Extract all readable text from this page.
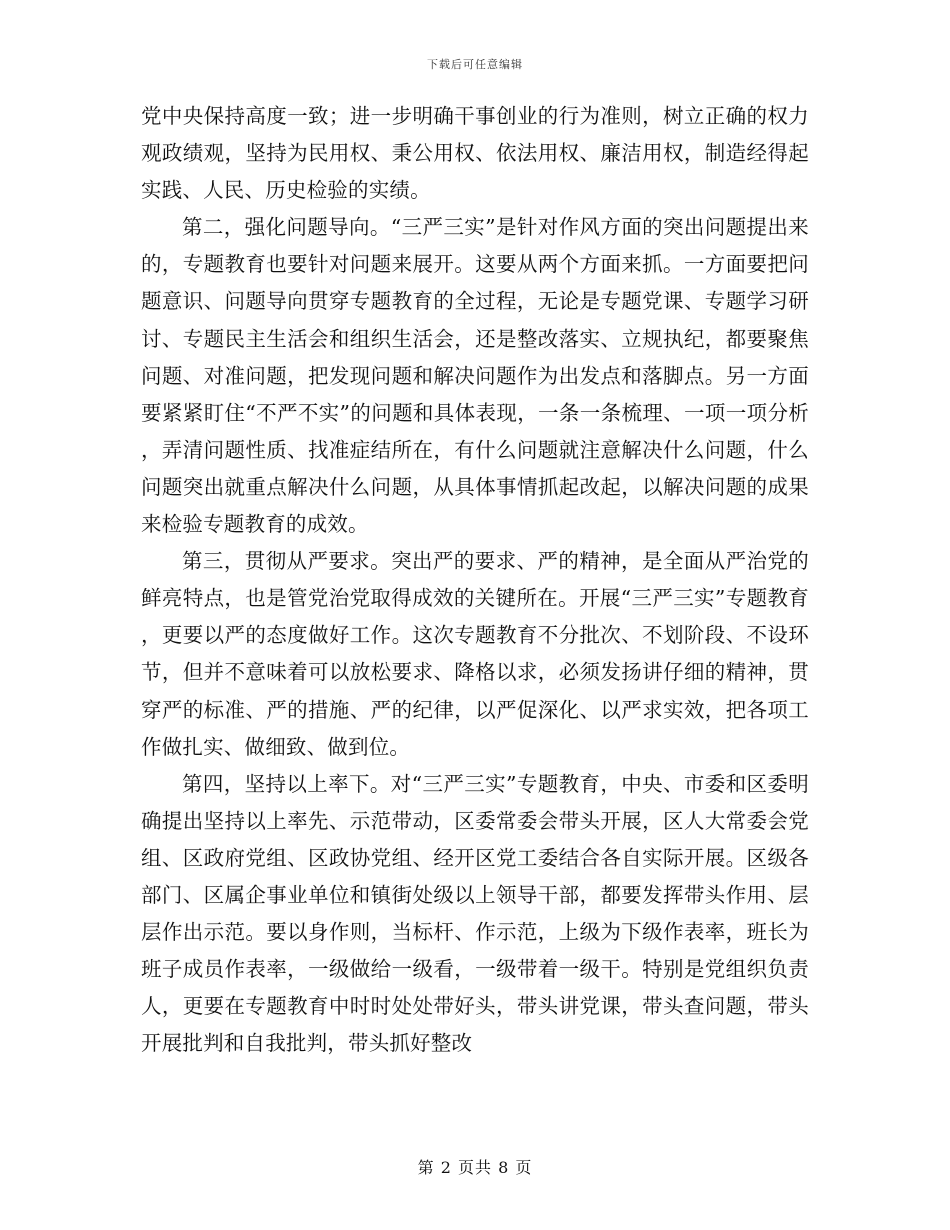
下载后可任意编辑

党中央保持高度一致；进一步明确干事创业的行为准则，树立正确的权力观政绩观，坚持为民用权、秉公用权、依法用权、廉洁用权，制造经得起实践、人民、历史检验的实绩。

第二，强化问题导向。“三严三实”是针对作风方面的突出问题提出来的，专题教育也要针对问题来展开。这要从两个方面来抓。一方面要把问题意识、问题导向贯穿专题教育的全过程，无论是专题党课、专题学习研讨、专题民主生活会和组织生活会，还是整改落实、立规执纪，都要聚焦问题、对准问题，把发现问题和解决问题作为出发点和落脚点。另一方面要紧紧盯住“不严不实”的问题和具体表现，一条一条梳理、一项一项分析，弄清问题性质、找准症结所在，有什么问题就注意解决什么问题，什么问题突出就重点解决什么问题，从具体事情抓起改起，以解决问题的成果来检验专题教育的成效。

第三，贯彻从严要求。突出严的要求、严的精神，是全面从严治党的鲜亮特点，也是管党治党取得成效的关键所在。开展“三严三实”专题教育，更要以严的态度做好工作。这次专题教育不分批次、不划阶段、不设环节，但并不意味着可以放松要求、降格以求，必须发扬讲仔细的精神，贯穿严的标准、严的措施、严的纪律，以严促深化、以严求实效，把各项工作做扎实、做细致、做到位。

第四，坚持以上率下。对“三严三实”专题教育，中央、市委和区委明确提出坚持以上率先、示范带动，区委常委会带头开展，区人大常委会党组、区政府党组、区政协党组、经开区党工委结合各自实际开展。区级各部门、区属企事业单位和镇街处级以上领导干部，都要发挥带头作用、层层作出示范。要以身作则，当标杆、作示范，上级为下级作表率，班长为班子成员作表率，一级做给一级看，一级带着一级干。特别是党组织负责人，更要在专题教育中时时处处带好头，带头讲党课，带头查问题，带头开展批判和自我批判，带头抓好整改

第 2 页共 8 页
